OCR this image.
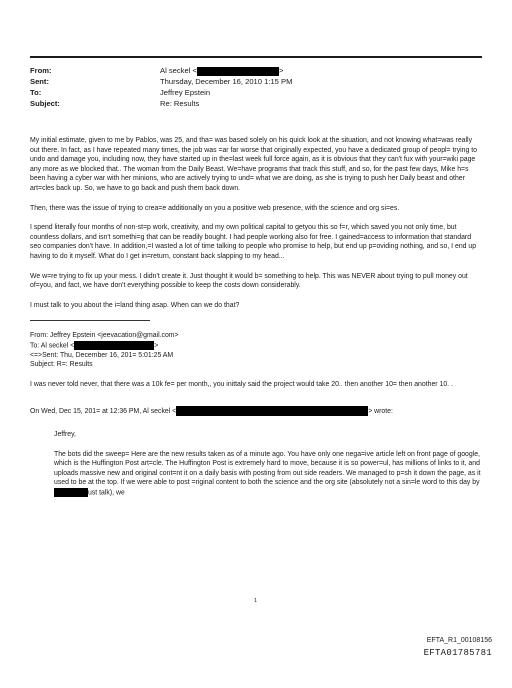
From:	Al seckel <	>
Sent:	Thursday, December 16, 2010 1:15 PM
To:	Jeffrey Epstein
Subject:	Re: Results

My initial estimate, given to me by Pablos, was 25, and tha= was based solely on his quick look at the situation, and not knowing what=was really out there. In fact, as I have repeated many times, the job was =ar far worse that originally expected, you have a dedicated group of peopl= trying to undo and damage you, including now, they have started up in the=last week full force again, as it is obvious that they can't fux with your=wiki page any more as we blocked that.. The woman from the Daily Beast. We=have programs that track this stuff, and so, for the past few days, Mike h=s been having a cyber war with her minions, who are actively trying to und= what we are doing, as she is trying to push her Daily beast and other art=cles back up. So, we have to go back and push them back down.

Then, there was the issue of trying to crea=e additionally on you a positive web presence, with the science and org si=es.

I spend literally four months of non-st=p work, creativity, and my own political capital to getyou this so f=r, which saved you not only time, but countless dollars, and isn't somethi=g that can be readily bought. I had people working also for free. I gained=access to information that standard seo companies don't have. In addition,=I wasted a lot of time talking to people who promise to help, but end up p=oviding nothing, and so, I end up having to do it myself. What do I get in=return, constant back slapping to my head...

We w=re trying to fix up your mess. I didn't create it. Just thought it would b= something to help. This was NEVER about trying to pull money out of=you, and fact, we have don't everything possible to keep the costs down considerably.

I must talk to you about the i=land thing asap. When can we do that?

From: Jeffrey Epstein <jeevacation@gmail.com>
To: Al seckel <	>
<=>Sent: Thu, December 16, 201= 5:01:25 AM
Subject: R=: Results

I was never told never, that there was a 10k fe= per month,, you inittaly said the project would take 20.. then another 10= then another 10. .

On Wed, Dec 15, 201= at 12:36 PM, Al seckel <	> wrote:

Jeffrey,

The bots did the sweep= Here are the new results taken as of a minute ago. You have only one nega=ive article left on front page of google, which is the Huffington Post art=cle. The Huffington Post is extremely hard to move, because it is so power=ul, has millions of links to it, and uploads massive new and original cont=nt it on a daily basis with posting from out side readers. We managed to p=sh it down the page, as it used to be at the top. If we were able to post =riginal content to both the science and the org site (absolutely not a sin=le word to this day byust talk), we

1
EFTA_R1_00108156
EFTA01785781
